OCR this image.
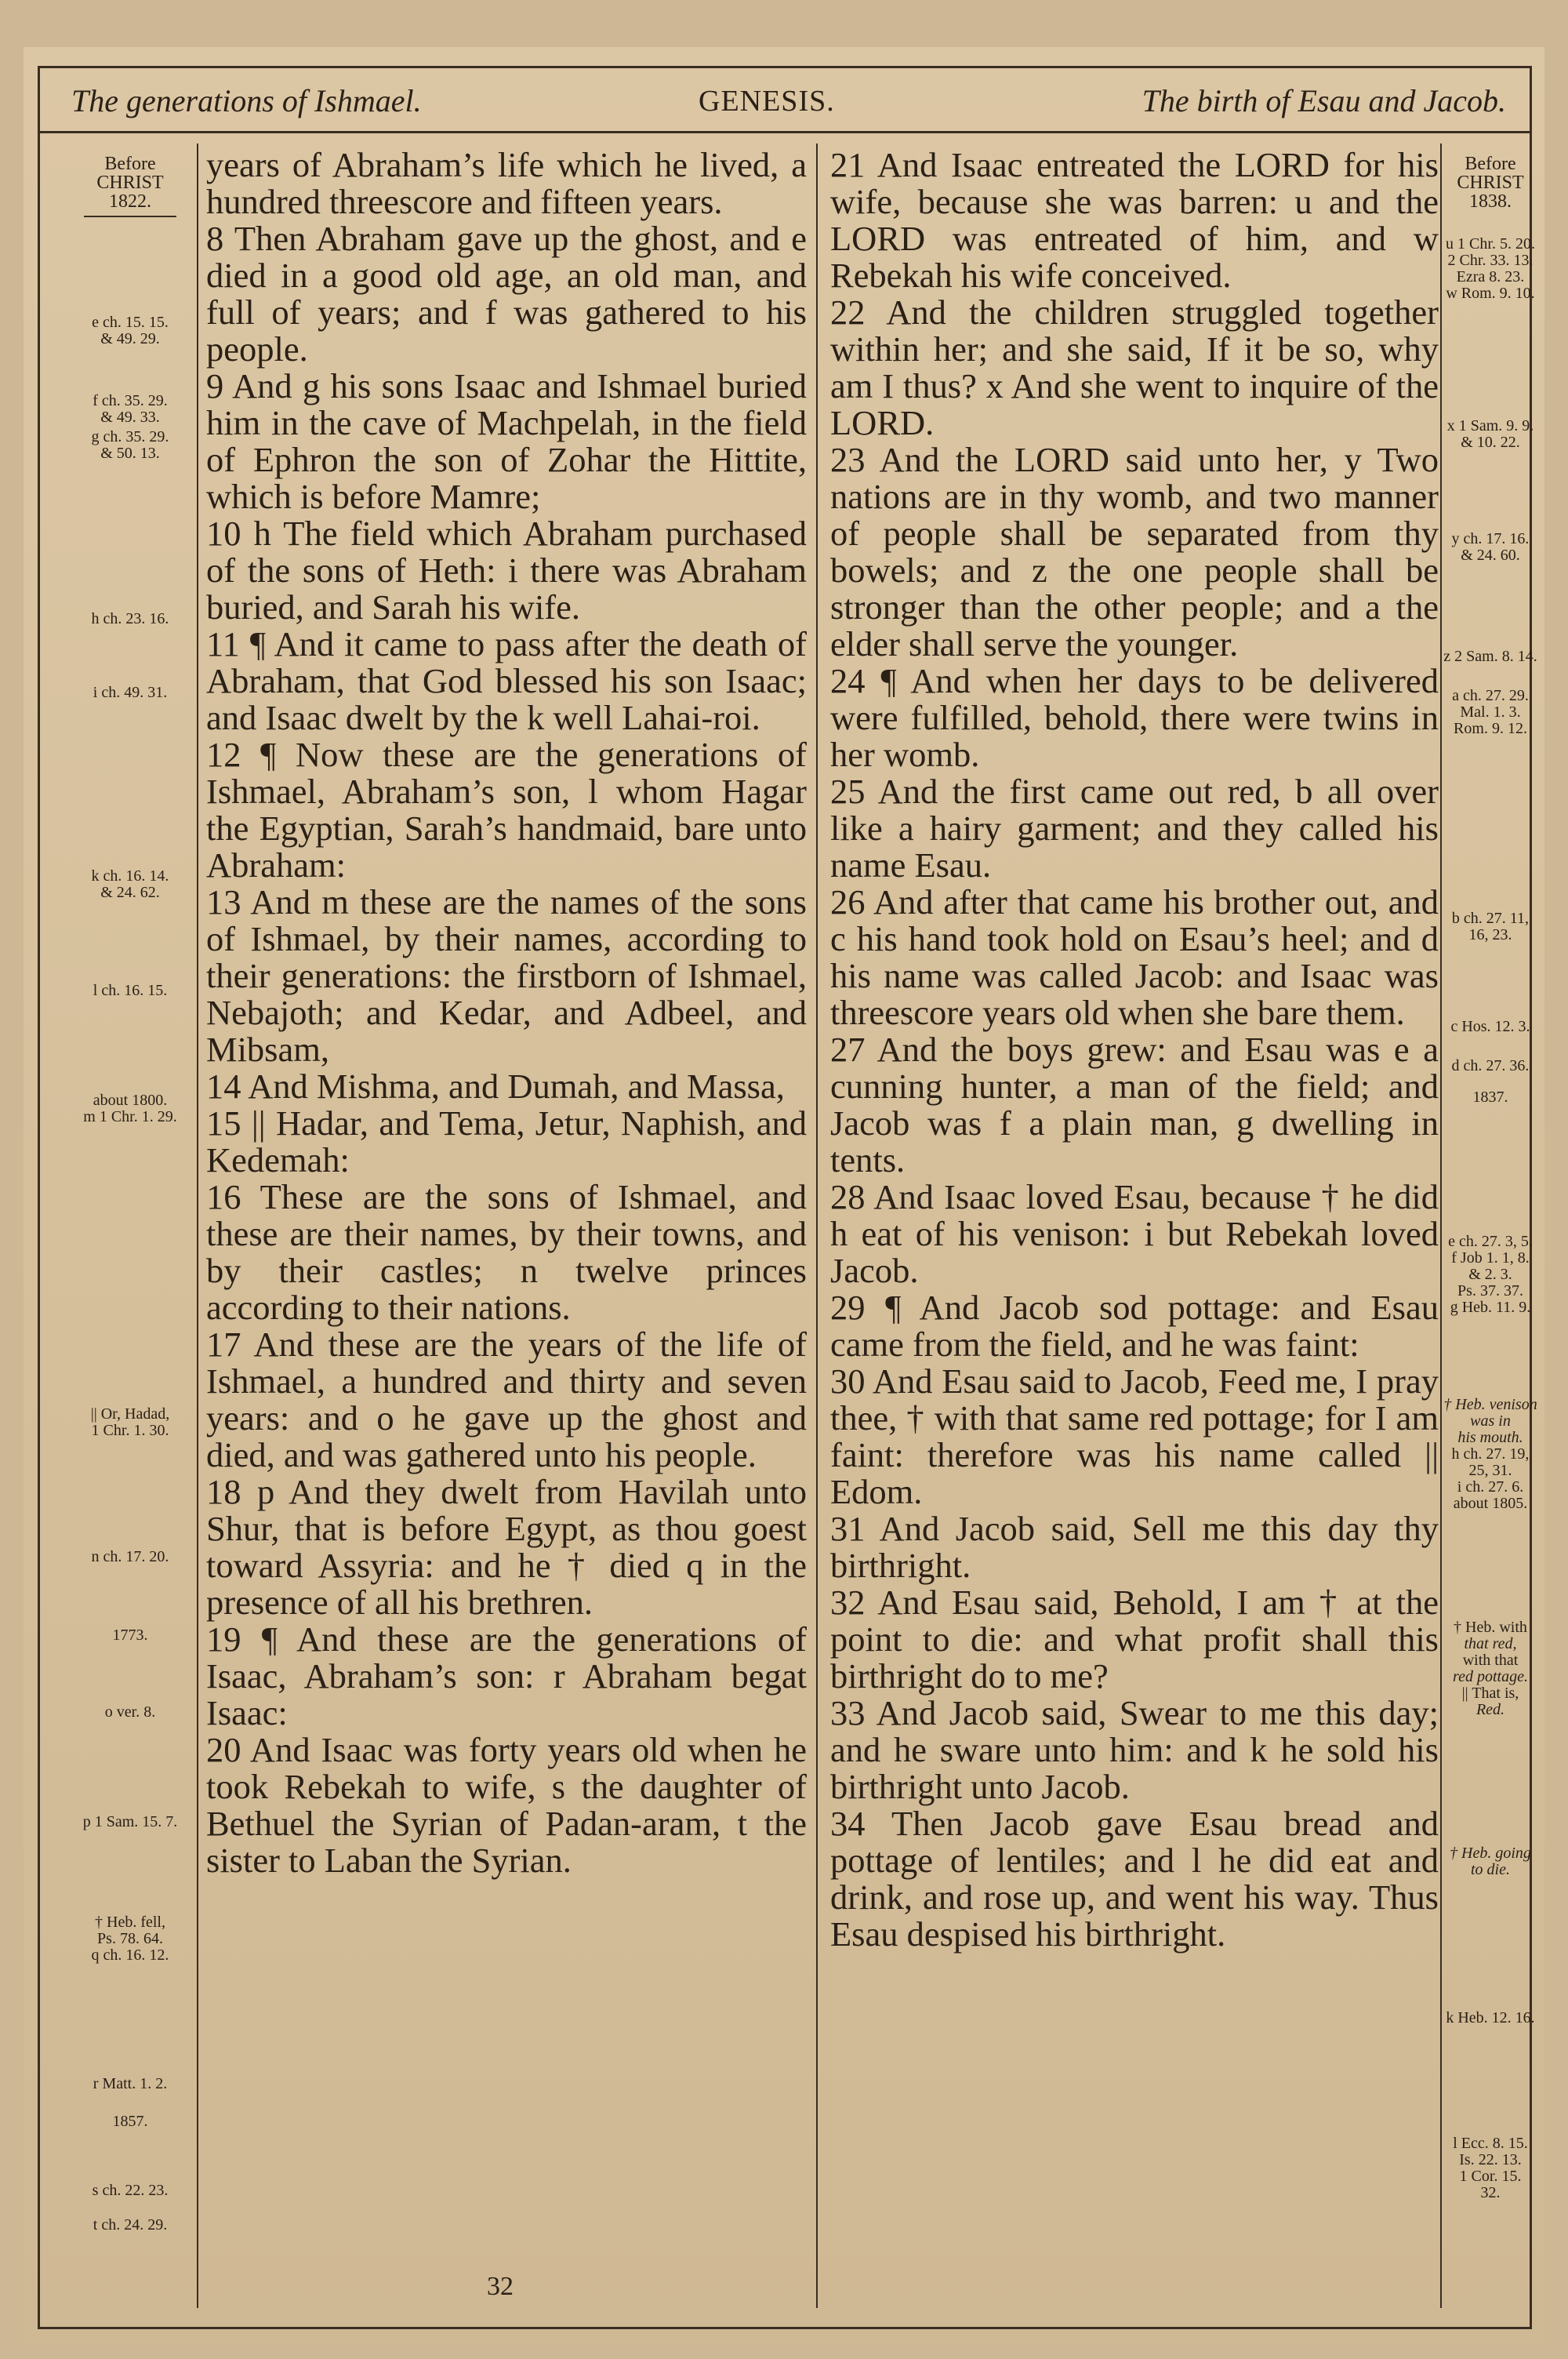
The generations of Ishmael.	GENESIS.	The birth of Esau and Jacob.
Before
CHRIST
1822.
e ch. 15. 15.
& 49. 29.
f ch. 35. 29.
& 49. 33.
g ch. 35. 29.
& 50. 13.
h ch. 23. 16.
i ch. 49. 31.
k ch. 16. 14.
& 24. 62.
l ch. 16. 15.
about 1800.
m 1 Chr. 1. 29.
|| Or, Hadad,
1 Chr. 1. 30.
n ch. 17. 20.
1773.
o ver. 8.
p 1 Sam. 15. 7.
† Heb. fell,
Ps. 78. 64.
q ch. 16. 12.
r Matt. 1. 2.
1857.
s ch. 22. 23.
t ch. 24. 29.
Before
CHRIST
1838.
u 1 Chr. 5. 20.
2 Chr. 33. 13.
Ezra 8. 23.
w Rom. 9. 10.
x 1 Sam. 9. 9.
& 10. 22.
y ch. 17. 16.
& 24. 60.
z 2 Sam. 8. 14.
a ch. 27. 29.
Mal. 1. 3.
Rom. 9. 12.
b ch. 27. 11,
16, 23.
c Hos. 12. 3.
d ch. 27. 36.
1837.
e ch. 27. 3, 5.
f Job 1. 1, 8.
& 2. 3.
Ps. 37. 37.
g Heb. 11. 9.
† Heb. venison was in
his mouth.
h ch. 27. 19,
25, 31.
i ch. 27. 6.
about 1805.
† Heb. with
that red,
with that
red pottage.
|| That is,
Red.
† Heb. going
to die.
k Heb. 12. 16.
l Ecc. 8. 15.
Is. 22. 13.
1 Cor. 15.
32.

years of Abraham’s life which he lived, a hundred threescore and fifteen years.

8 Then Abraham gave up the ghost, and e died in a good old age, an old man, and full of years; and f was gathered to his people.

9 And g his sons Isaac and Ishmael buried him in the cave of Machpelah, in the field of Ephron the son of Zohar the Hittite, which is before Mamre;

10 h The field which Abraham purchased of the sons of Heth: i there was Abraham buried, and Sarah his wife.

11 ¶ And it came to pass after the death of Abraham, that God blessed his son Isaac; and Isaac dwelt by the k well Lahai-roi.

12 ¶ Now these are the generations of Ishmael, Abraham’s son, l whom Hagar the Egyptian, Sarah’s handmaid, bare unto Abraham:

13 And m these are the names of the sons of Ishmael, by their names, according to their generations: the firstborn of Ishmael, Nebajoth; and Kedar, and Adbeel, and Mibsam,

14 And Mishma, and Dumah, and Massa,

15 || Hadar, and Tema, Jetur, Naphish, and Kedemah:

16 These are the sons of Ishmael, and these are their names, by their towns, and by their castles; n twelve princes according to their nations.

17 And these are the years of the life of Ishmael, a hundred and thirty and seven years: and o he gave up the ghost and died, and was gathered unto his people.

18 p And they dwelt from Havilah unto Shur, that is before Egypt, as thou goest toward Assyria: and he † died q in the presence of all his brethren.

19 ¶ And these are the generations of Isaac, Abraham’s son: r Abraham begat Isaac:

20 And Isaac was forty years old when he took Rebekah to wife, s the daughter of Bethuel the Syrian of Padan-aram, t the sister to Laban the Syrian.

21 And Isaac entreated the LORD for his wife, because she was barren: u and the LORD was entreated of him, and w Rebekah his wife conceived.

22 And the children struggled together within her; and she said, If it be so, why am I thus? x And she went to inquire of the LORD.

23 And the LORD said unto her, y Two nations are in thy womb, and two manner of people shall be separated from thy bowels; and z the one people shall be stronger than the other people; and a the elder shall serve the younger.

24 ¶ And when her days to be delivered were fulfilled, behold, there were twins in her womb.

25 And the first came out red, b all over like a hairy garment; and they called his name Esau.

26 And after that came his brother out, and c his hand took hold on Esau’s heel; and d his name was called Jacob: and Isaac was threescore years old when she bare them.

27 And the boys grew: and Esau was e a cunning hunter, a man of the field; and Jacob was f a plain man, g dwelling in tents.

28 And Isaac loved Esau, because † he did h eat of his venison: i but Rebekah loved Jacob.

29 ¶ And Jacob sod pottage: and Esau came from the field, and he was faint:

30 And Esau said to Jacob, Feed me, I pray thee, † with that same red pottage; for I am faint: therefore was his name called || Edom.

31 And Jacob said, Sell me this day thy birthright.

32 And Esau said, Behold, I am † at the point to die: and what profit shall this birthright do to me?

33 And Jacob said, Swear to me this day; and he sware unto him: and k he sold his birthright unto Jacob.

34 Then Jacob gave Esau bread and pottage of lentiles; and l he did eat and drink, and rose up, and went his way. Thus Esau despised his birthright.

32
